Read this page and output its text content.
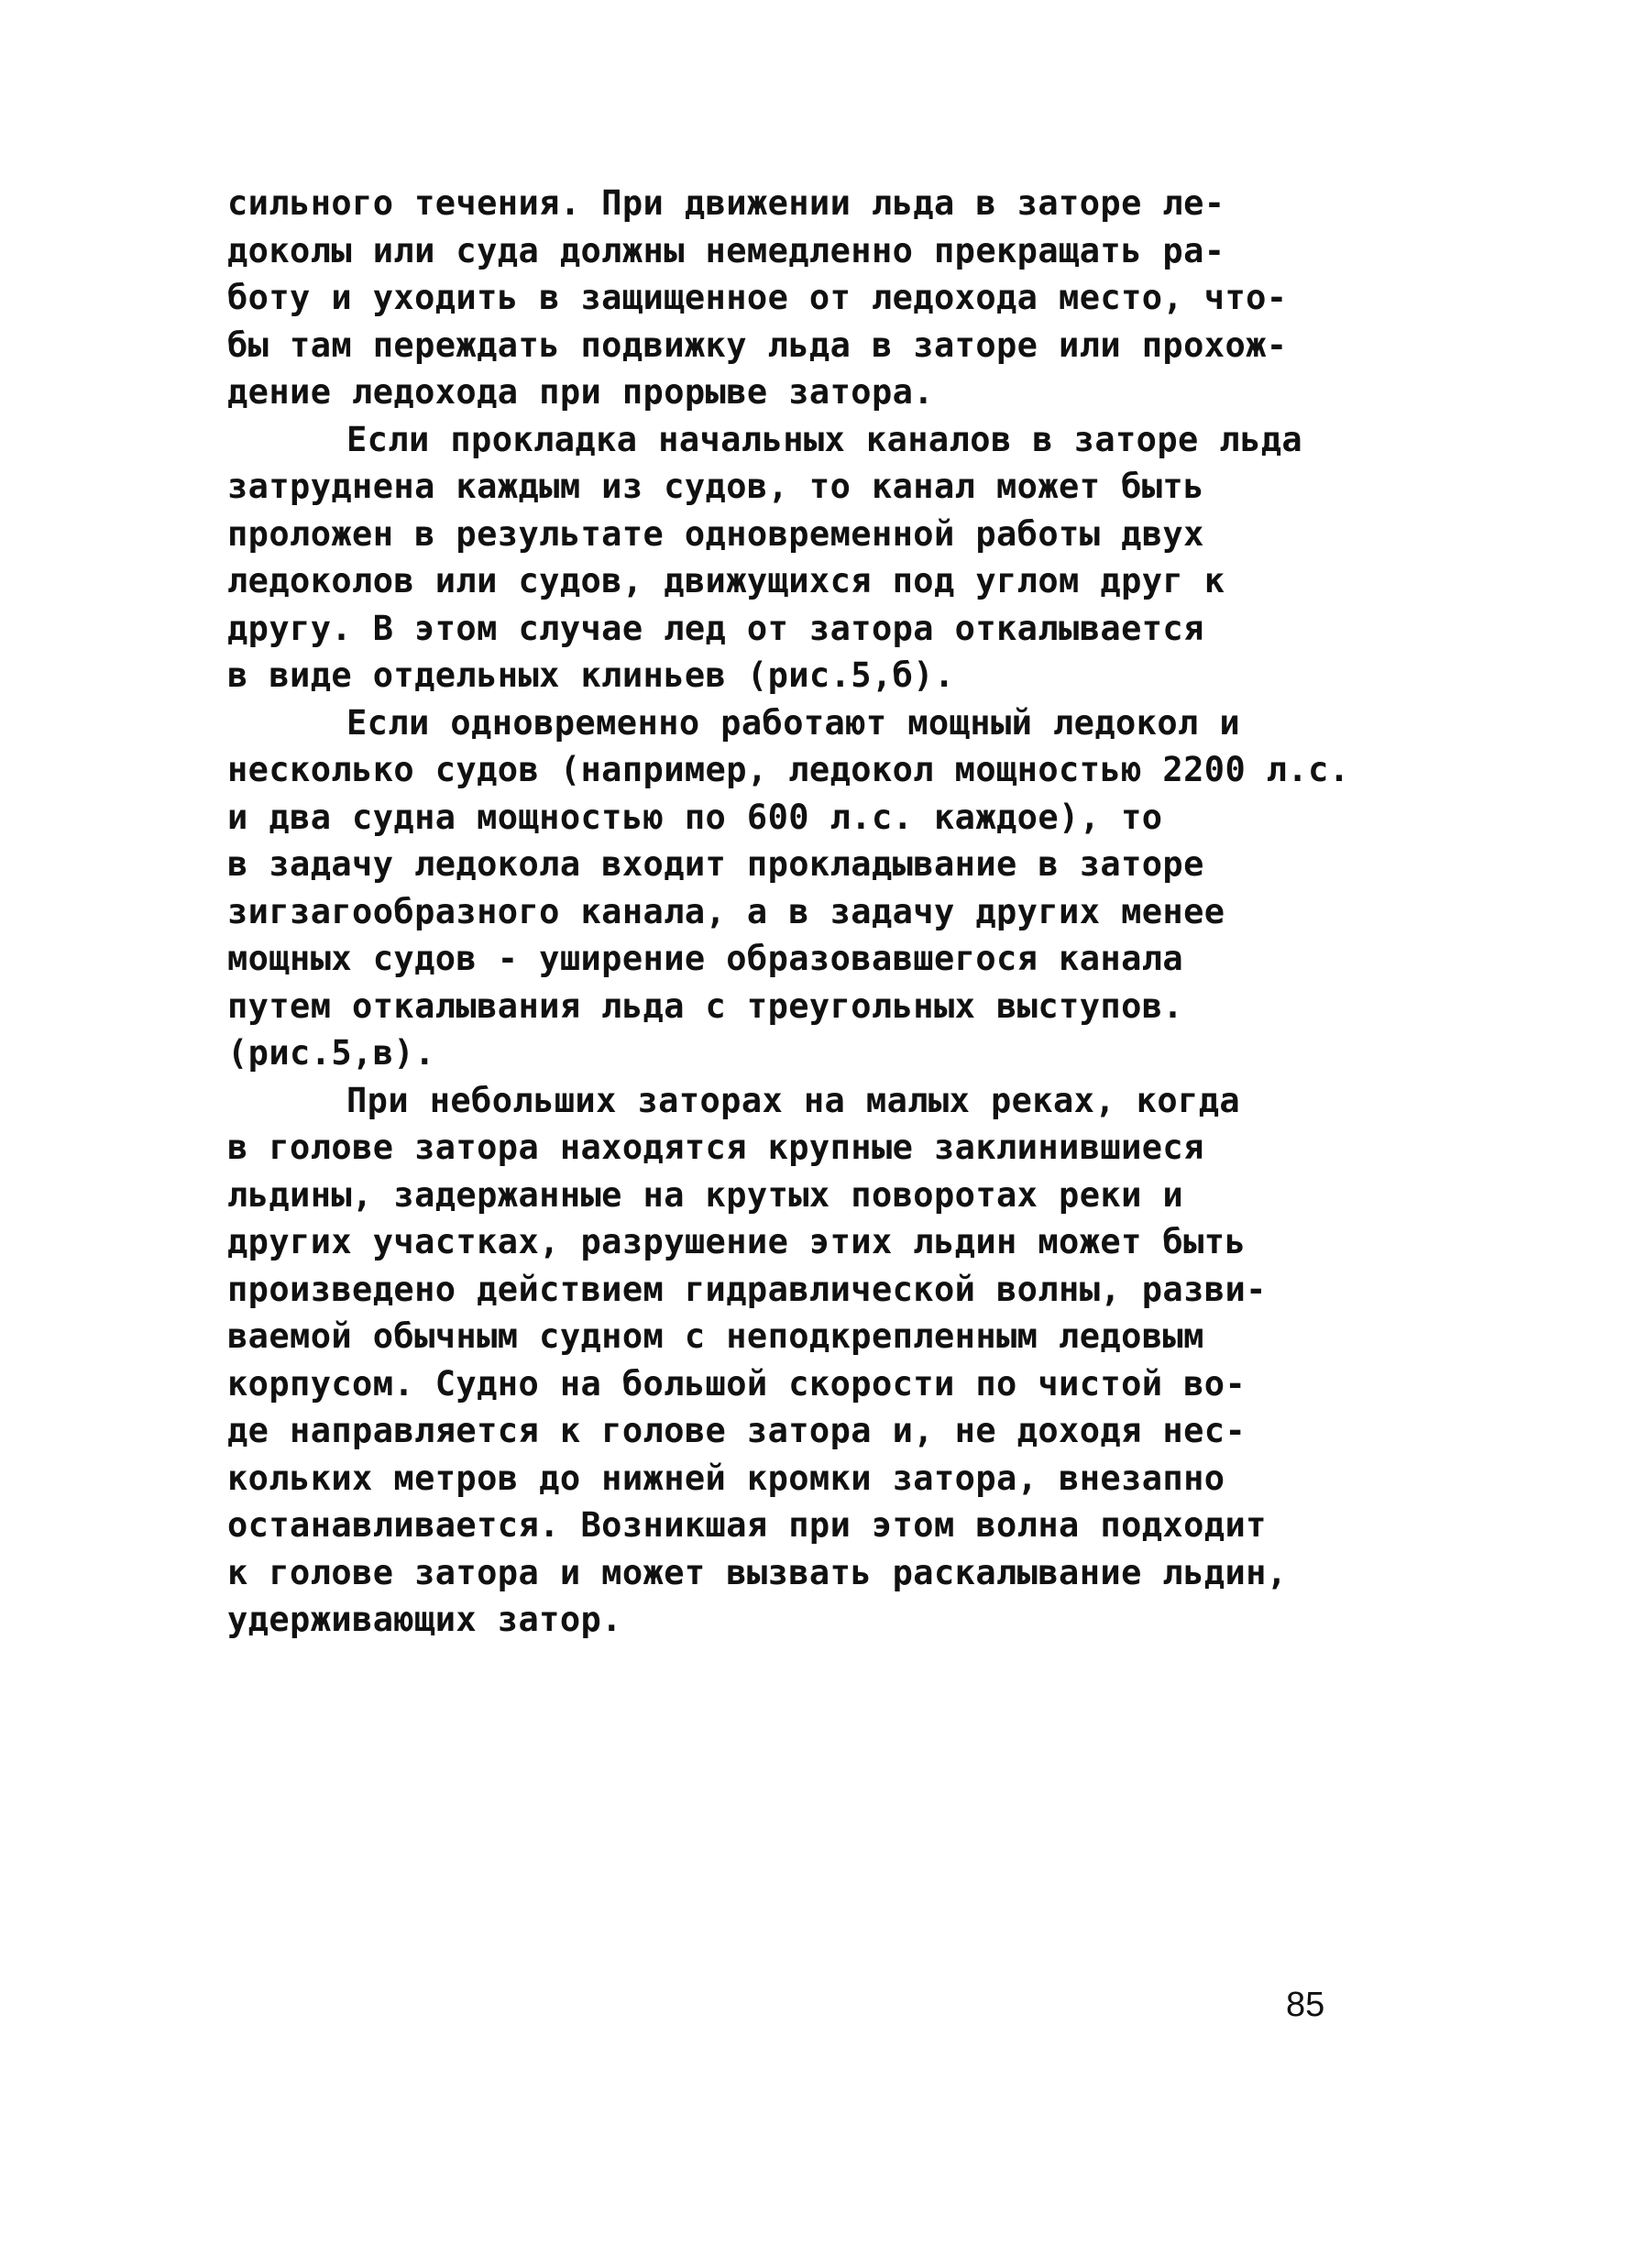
сильного течения. При движении льда в заторе ле-
доколы или суда должны немедленно прекращать ра-
боту и уходить в защищенное от ледохода место, что-
бы там переждать подвижку льда в заторе или прохож-
дение ледохода при прорыве затора.
Если прокладка начальных каналов в заторе льда
затруднена каждым из судов, то канал может быть
проложен в результате одновременной работы двух
ледоколов или судов, движущихся под углом друг к
другу. В этом случае лед от затора откалывается
в виде отдельных клиньев (рис.5,б).
Если одновременно работают мощный ледокол и
несколько судов (например, ледокол мощностью 2200 л.с.
и два судна мощностью по 600 л.с. каждое), то
в задачу ледокола входит прокладывание в заторе
зигзагообразного канала, а в задачу других менее
мощных судов - уширение образовавшегося канала
путем откалывания льда с треугольных выступов.
(рис.5,в).
При небольших заторах на малых реках, когда
в голове затора находятся крупные заклинившиеся
льдины, задержанные на крутых поворотах реки и
других участках, разрушение этих льдин может быть
произведено действием гидравлической волны, разви-
ваемой обычным судном с неподкрепленным ледовым
корпусом. Судно на большой скорости по чистой во-
де направляется к голове затора и, не доходя нес-
кольких метров до нижней кромки затора, внезапно
останавливается. Возникшая при этом волна подходит
к голове затора и может вызвать раскалывание льдин,
удерживающих затор.
85
